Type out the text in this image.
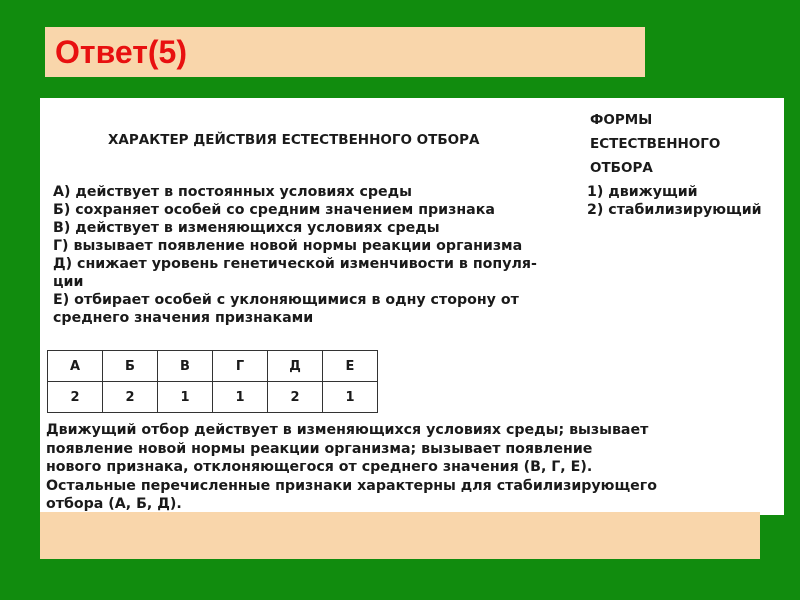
Ответ(5)
ХАРАКТЕР ДЕЙСТВИЯ ЕСТЕСТВЕННОГО ОТБОРА
ФОРМЫ
ЕСТЕСТВЕННОГО
ОТБОРА
А) действует в постоянных условиях среды
Б) сохраняет особей со средним значением признака
В) действует в изменяющихся условиях среды
Г) вызывает появление новой нормы реакции организма
Д) снижает уровень генетической изменчивости в популя-
ции
Е) отбирает особей с уклоняющимися в одну сторону от
среднего значения признаками
1) движущий
2) стабилизирующий
А	Б	В	Г	Д	Е
2	2	1	1	2	1

Движущий отбор действует в изменяющихся условиях среды; вызывает

появление новой нормы реакции организма; вызывает появление

нового признака, отклоняющегося от среднего значения (В, Г, Е).

Остальные перечисленные признаки характерны для стабилизирующего

отбора (А, Б, Д).
